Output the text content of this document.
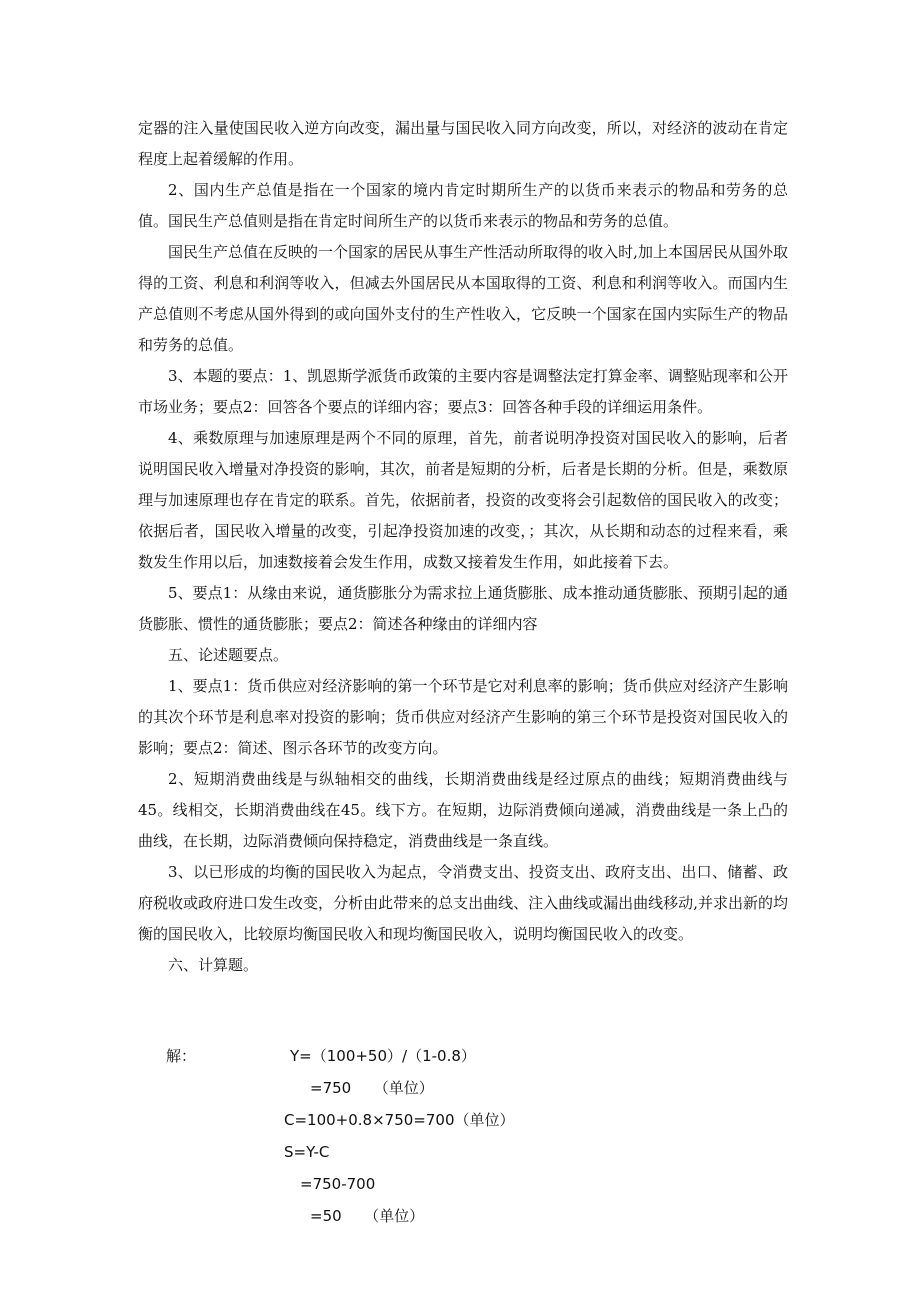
定器的注入量使国民收入逆方向改变，漏出量与国民收入同方向改变，所以，对经济的波动在肯定程度上起着缓解的作用。

2、国内生产总值是指在一个国家的境内肯定时期所生产的以货币来表示的物品和劳务的总值。国民生产总值则是指在肯定时间所生产的以货币来表示的物品和劳务的总值。

国民生产总值在反映的一个国家的居民从事生产性活动所取得的收入时,加上本国居民从国外取得的工资、利息和利润等收入，但减去外国居民从本国取得的工资、利息和利润等收入。而国内生产总值则不考虑从国外得到的或向国外支付的生产性收入，它反映一个国家在国内实际生产的物品和劳务的总值。

3、本题的要点：1、凯恩斯学派货币政策的主要内容是调整法定打算金率、调整贴现率和公开市场业务；要点2：回答各个要点的详细内容；要点3：回答各种手段的详细运用条件。

4、乘数原理与加速原理是两个不同的原理，首先，前者说明净投资对国民收入的影响，后者说明国民收入增量对净投资的影响，其次，前者是短期的分析，后者是长期的分析。但是，乘数原理与加速原理也存在肯定的联系。首先，依据前者，投资的改变将会引起数倍的国民收入的改变；依据后者，国民收入增量的改变，引起净投资加速的改变，；其次，从长期和动态的过程来看，乘数发生作用以后，加速数接着会发生作用，成数又接着发生作用，如此接着下去。

5、要点1：从缘由来说，通货膨胀分为需求拉上通货膨胀、成本推动通货膨胀、预期引起的通货膨胀、惯性的通货膨胀；要点2：简述各种缘由的详细内容

五、论述题要点。

1、要点1：货币供应对经济影响的第一个环节是它对利息率的影响；货币供应对经济产生影响的其次个环节是利息率对投资的影响；货币供应对经济产生影响的第三个环节是投资对国民收入的影响；要点2：简述、图示各环节的改变方向。

2、短期消费曲线是与纵轴相交的曲线，长期消费曲线是经过原点的曲线；短期消费曲线与45。线相交，长期消费曲线在45。线下方。在短期，边际消费倾向递减，消费曲线是一条上凸的曲线，在长期，边际消费倾向保持稳定，消费曲线是一条直线。

3、以已形成的均衡的国民收入为起点，令消费支出、投资支出、政府支出、出口、储蓄、政府税收或政府进口发生改变，分析由此带来的总支出曲线、注入曲线或漏出曲线移动,并求出新的均衡的国民收入，比较原均衡国民收入和现均衡国民收入，说明均衡国民收入的改变。

六、计算题。

解：	Y=（100+50）/（1-0.8）
=750　　（单位）
C=100+0.8×750=700（单位）
S=Y-C
=750-700
=50　　（单位）
